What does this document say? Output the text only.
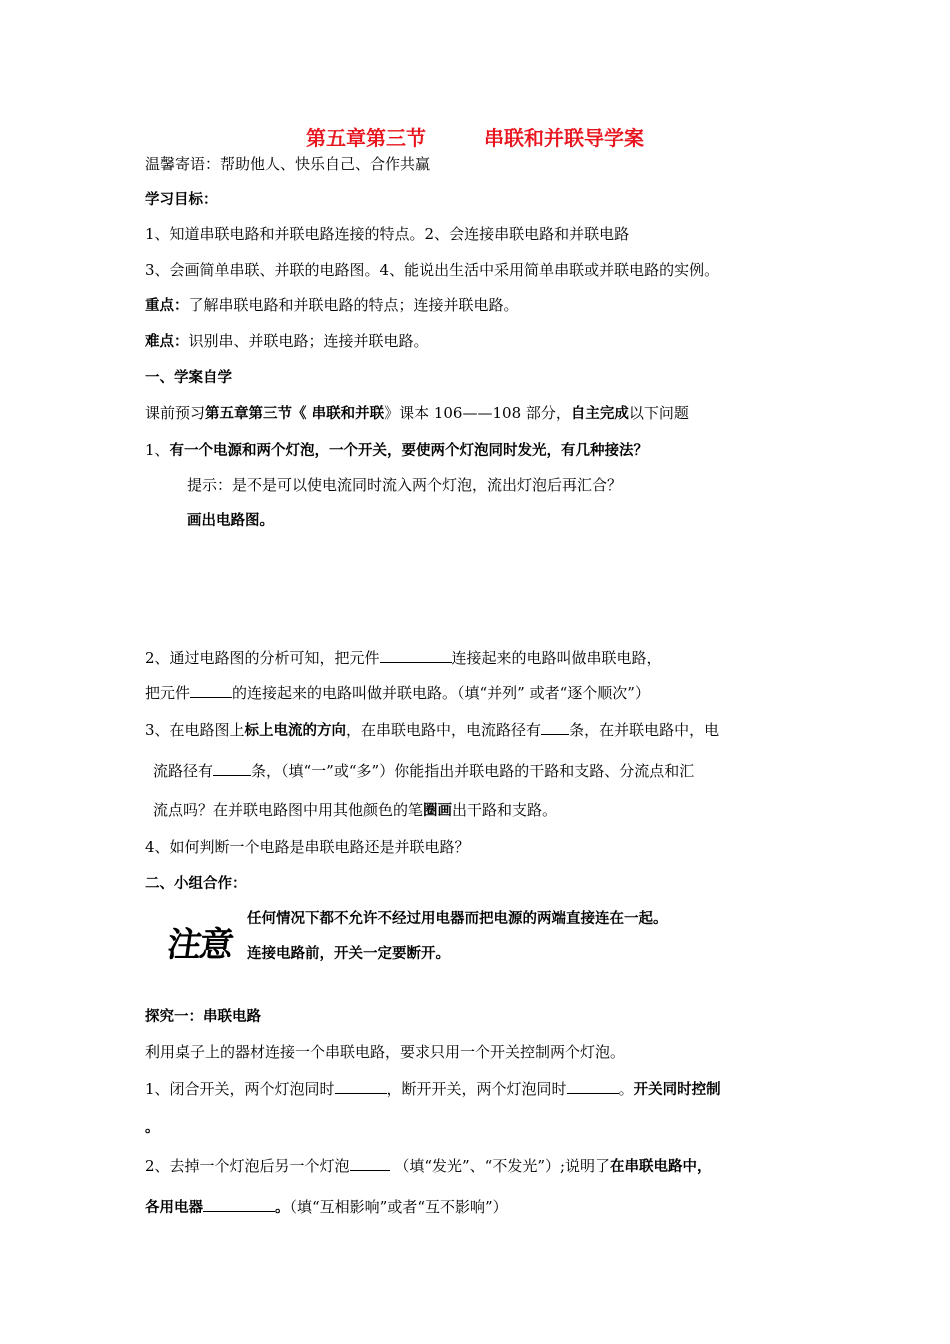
第五章第三节	串联和并联导学案
温馨寄语：帮助他人、快乐自己、合作共赢
学习目标：
1、知道串联电路和并联电路连接的特点。2、会连接串联电路和并联电路
3、会画简单串联、并联的电路图。4、能说出生活中采用简单串联或并联电路的实例。
重点：了解串联电路和并联电路的特点；连接并联电路。
难点：识别串、并联电路；连接并联电路。
一、学案自学
课前预习第五章第三节《 串联和并联》课本 106——108 部分，自主完成以下问题
1、有一个电源和两个灯泡，一个开关，要使两个灯泡同时发光，有几种接法？
提示：是不是可以使电流同时流入两个灯泡，流出灯泡后再汇合？
画出电路图。
2、通过电路图的分析可知，把元件	连接起来的电路叫做串联电路，
把元件	的连接起来的电路叫做并联电路。（填“并列” 或者“逐个顺次”）
3、在电路图上标上电流的方向，在串联电路中，电流路径有 条，在并联电路中，电
流路径有	条，（填“一”或“多”）你能指出并联电路的干路和支路、分流点和汇
流点吗？在并联电路图中用其他颜色的笔圈画出干路和支路。
4、如何判断一个电路是串联电路还是并联电路？
二、小组合作：
注意
任何情况下都不允许不经过用电器而把电源的两端直接连在一起。
连接电路前，开关一定要断开。
探究一：串联电路
利用桌子上的器材连接一个串联电路，要求只用一个开关控制两个灯泡。
1、闭合开关，两个灯泡同时	，断开开关，两个灯泡同时	。开关同时控制
。
2、去掉一个灯泡后另一个灯泡	（填“发光”、“不发光”）;说明了在串联电路中，
各用电器	。（填“互相影响”或者“互不影响”）
